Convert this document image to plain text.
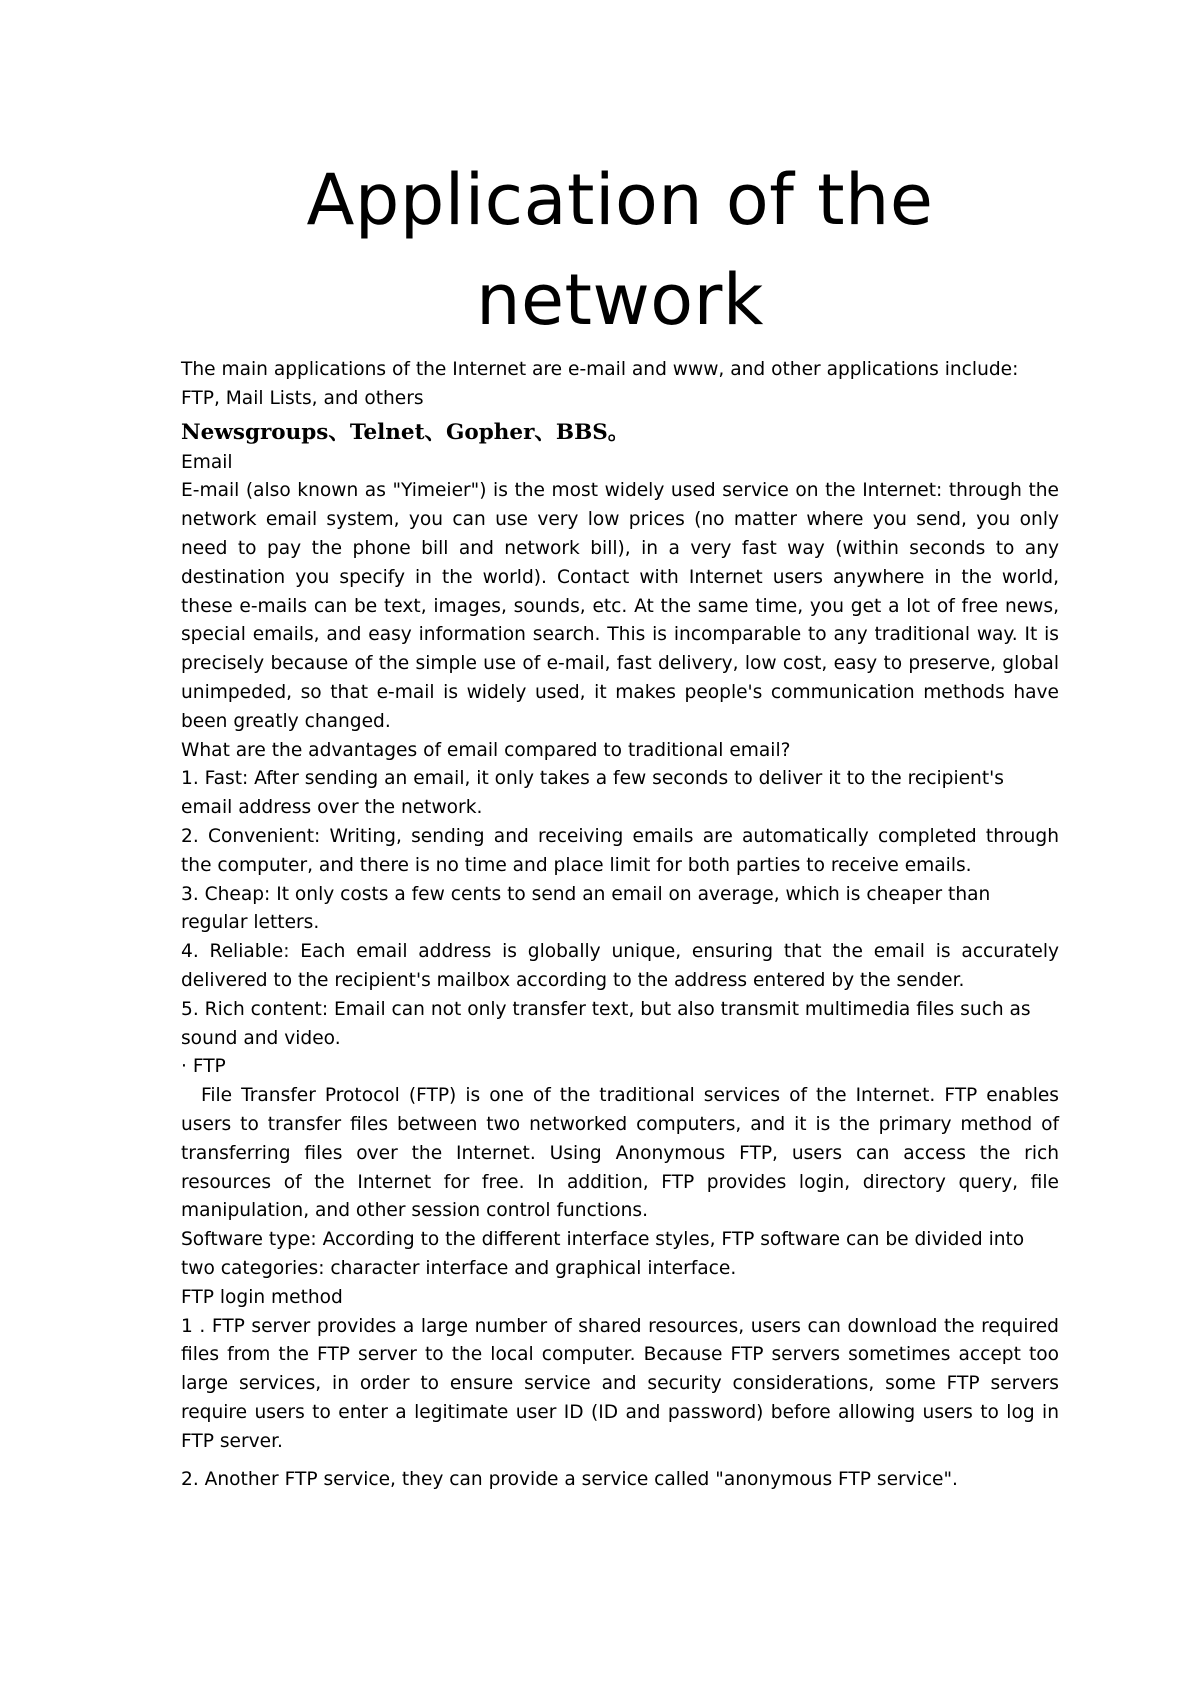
Application of the network

The main applications of the Internet are e-mail and www, and other applications include: FTP, Mail Lists, and others

Newsgroups、Telnet、Gopher、BBS。

Email

E-mail (also known as "Yimeier") is the most widely used service on the Internet: through the network email system, you can use very low prices (no matter where you send, you only need to pay the phone bill and network bill), in a very fast way (within seconds to any destination you specify in the world). Contact with Internet users anywhere in the world, these e-mails can be text, images, sounds, etc. At the same time, you get a lot of free news, special emails, and easy information search. This is incomparable to any traditional way. It is precisely because of the simple use of e-mail, fast delivery, low cost, easy to preserve, global unimpeded, so that e-mail is widely used, it makes people's communication methods have been greatly changed.

What are the advantages of email compared to traditional email?

1. Fast: After sending an email, it only takes a few seconds to deliver it to the recipient's email address over the network.

2. Convenient: Writing, sending and receiving emails are automatically completed through the computer, and there is no time and place limit for both parties to receive emails.

3. Cheap: It only costs a few cents to send an email on average, which is cheaper than regular letters.

4. Reliable: Each email address is globally unique, ensuring that the email is accurately delivered to the recipient's mailbox according to the address entered by the sender.

5. Rich content: Email can not only transfer text, but also transmit multimedia files such as sound and video.

· FTP

File Transfer Protocol (FTP) is one of the traditional services of the Internet. FTP enables users to transfer files between two networked computers, and it is the primary method of transferring files over the Internet. Using Anonymous FTP, users can access the rich resources of the Internet for free. In addition, FTP provides login, directory query, file manipulation, and other session control functions.

Software type: According to the different interface styles, FTP software can be divided into two categories: character interface and graphical interface.

FTP login method

1 . FTP server provides a large number of shared resources, users can download the required files from the FTP server to the local computer. Because FTP servers sometimes accept too large services, in order to ensure service and security considerations, some FTP servers require users to enter a legitimate user ID (ID and password) before allowing users to log in FTP server.

2. Another FTP service, they can provide a service called "anonymous FTP service".
